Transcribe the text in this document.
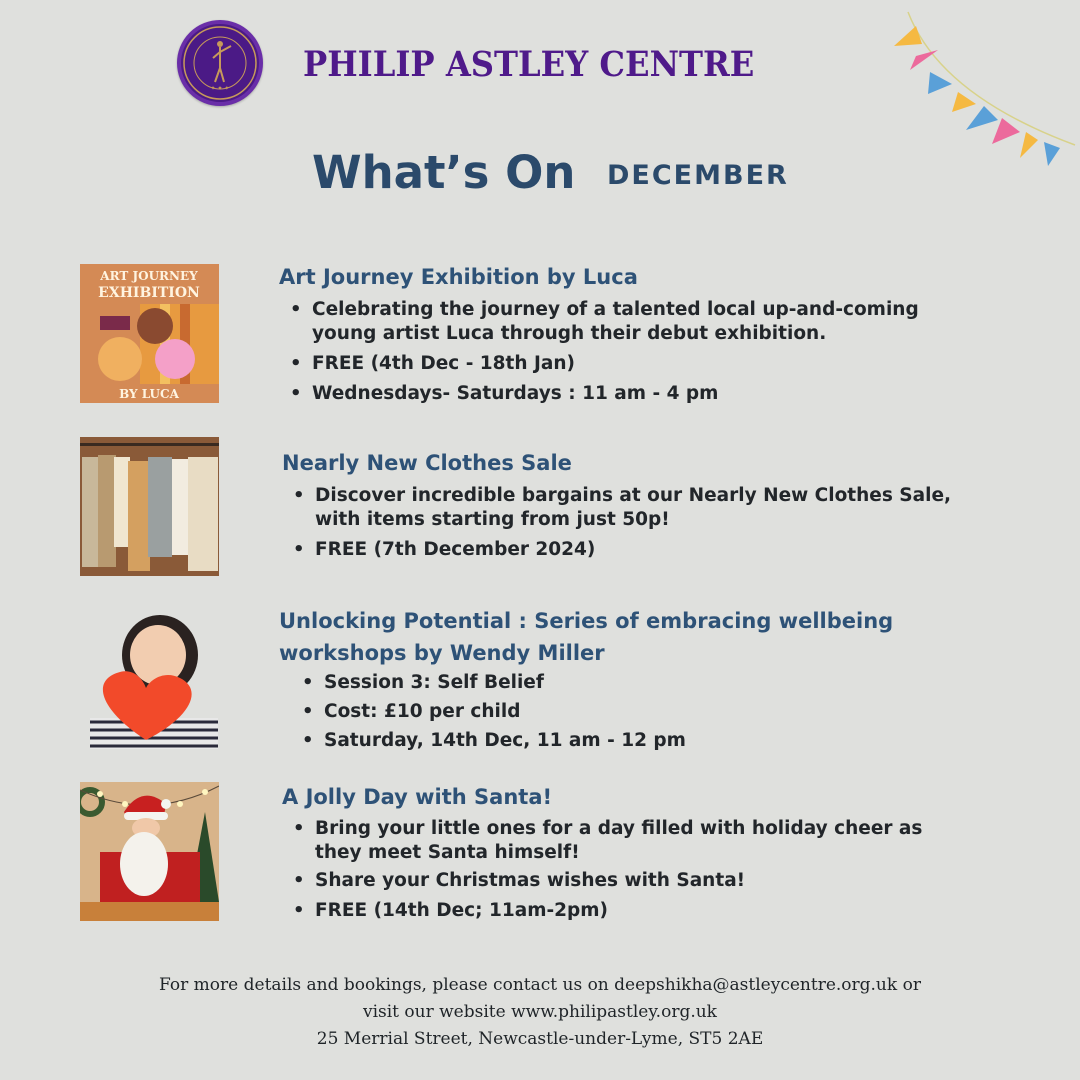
✦ ✦ ✦
PHILIP ASTLEY CENTRE
What’s On DECEMBER
ART JOURNEY
EXHIBITION
BY LUCA
Art Journey Exhibition by Luca
• Celebrating the journey of a talented local up-and-coming
young artist Luca through their debut exhibition.
• FREE (4th Dec - 18th Jan)
• Wednesdays- Saturdays : 11 am - 4 pm
Nearly New Clothes Sale
• Discover incredible bargains at our Nearly New Clothes Sale,
with items starting from just 50p!
• FREE (7th December 2024)
Unlocking Potential : Series of embracing wellbeing
workshops by Wendy Miller
• Session 3: Self Belief
• Cost: £10 per child
• Saturday, 14th Dec, 11 am - 12 pm
A Jolly Day with Santa!
• Bring your little ones for a day filled with holiday cheer as
they meet Santa himself!
• Share your Christmas wishes with Santa!
• FREE (14th Dec; 11am-2pm)
For more details and bookings, please contact us on deepshikha@astleycentre.org.uk or
visit our website www.philipastley.org.uk
25 Merrial Street, Newcastle-under-Lyme, ST5 2AE
